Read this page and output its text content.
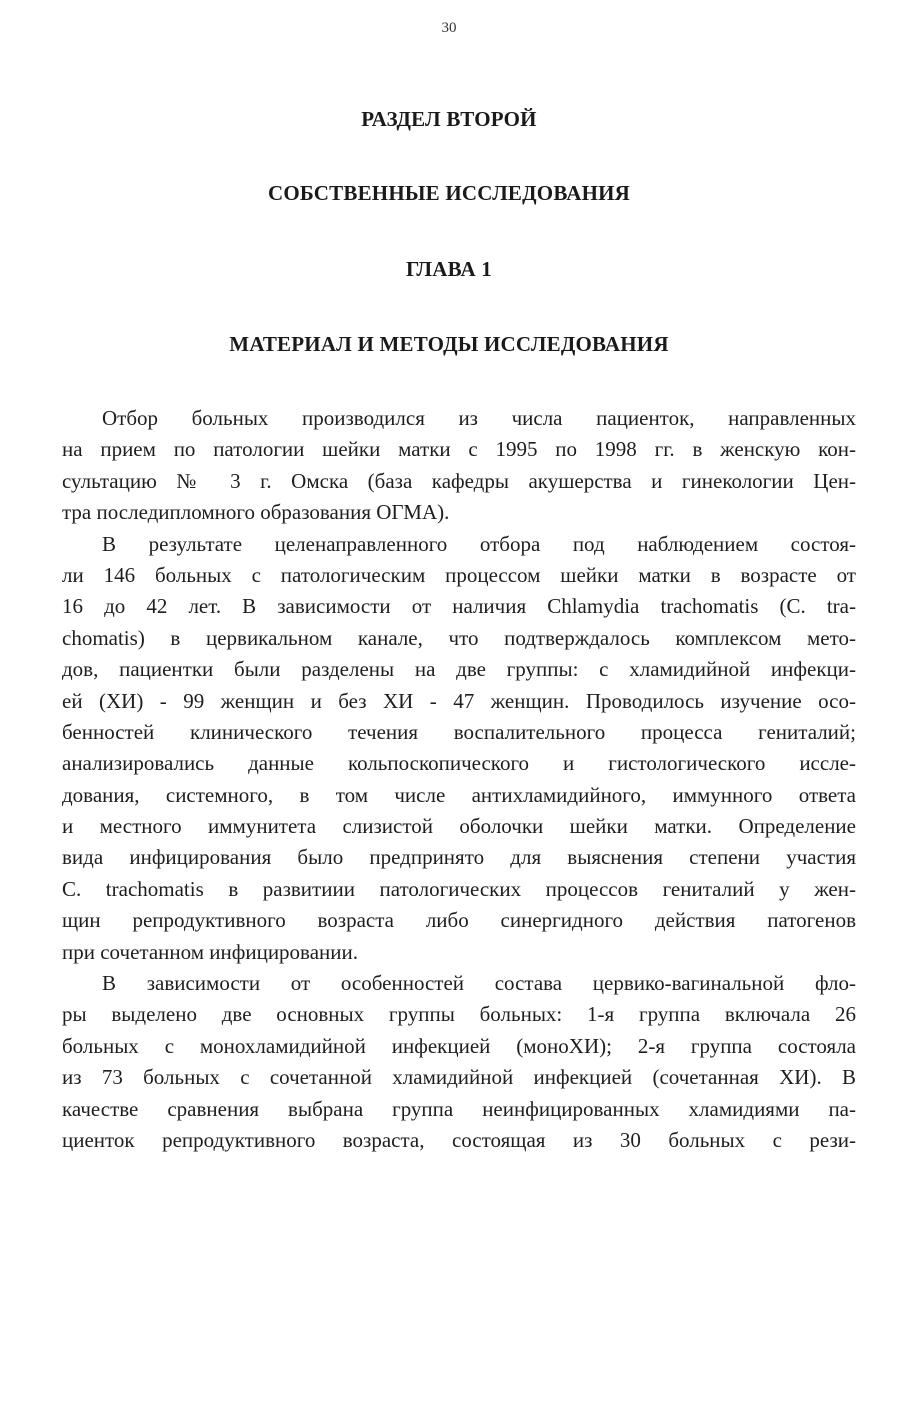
30
РАЗДЕЛ ВТОРОЙ
СОБСТВЕННЫЕ ИССЛЕДОВАНИЯ
ГЛАВА 1
МАТЕРИАЛ И МЕТОДЫ ИССЛЕДОВАНИЯ
Отбор больных производился из числа пациенток, направленных
на прием по патологии шейки матки с 1995 по 1998 гг. в женскую кон-
сультацию № 3 г. Омска (база кафедры акушерства и гинекологии Цен-
тра последипломного образования ОГМА).
В результате целенаправленного отбора под наблюдением состоя-
ли 146 больных с патологическим процессом шейки матки в возрасте от
16 до 42 лет. В зависимости от наличия Chlamydia trachomatis (C. tra-
chomatis) в цервикальном канале, что подтверждалось комплексом мето-
дов, пациентки были разделены на две группы: с хламидийной инфекци-
ей (ХИ) - 99 женщин и без ХИ - 47 женщин. Проводилось изучение осо-
бенностей клинического течения воспалительного процесса гениталий;
анализировались данные кольпоскопического и гистологического иссле-
дования, системного, в том числе антихламидийного, иммунного ответа
и местного иммунитета слизистой оболочки шейки матки. Определение
вида инфицирования было предпринято для выяснения степени участия
C. trachomatis в развитиии патологических процессов гениталий у жен-
щин репродуктивного возраста либо синергидного действия патогенов
при сочетанном инфицировании.
В зависимости от особенностей состава цервико-вагинальной фло-
ры выделено две основных группы больных: 1-я группа включала 26
больных с монохламидийной инфекцией (моноХИ); 2-я группа состояла
из 73 больных с сочетанной хламидийной инфекцией (сочетанная ХИ). В
качестве сравнения выбрана группа неинфицированных хламидиями па-
циенток репродуктивного возраста, состоящая из 30 больных с рези-
